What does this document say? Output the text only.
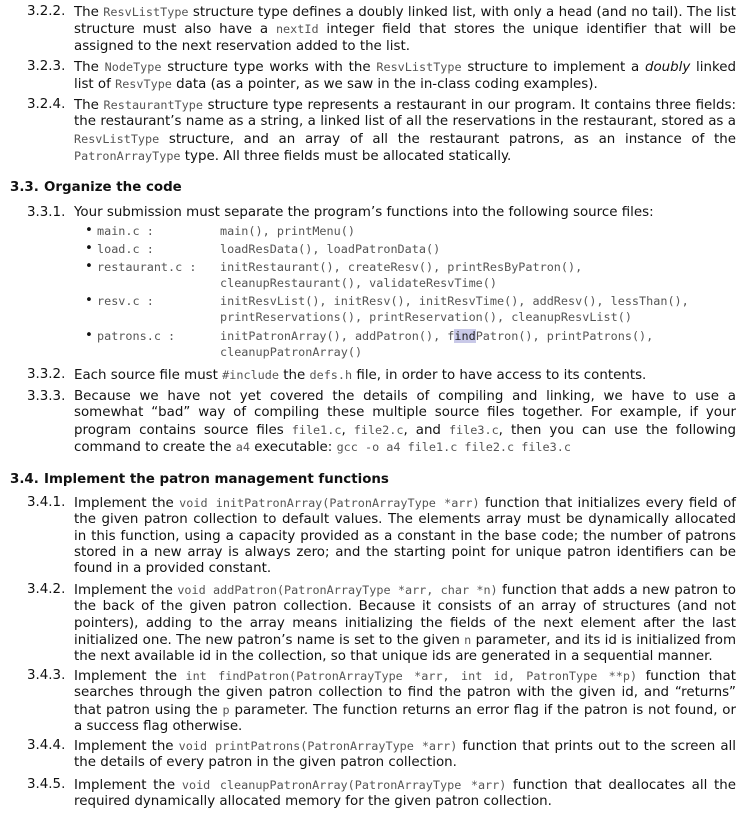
3.2.2. The ResvListType structure type defines a doubly linked list, with only a head (and no tail). The list structure must also have a nextId integer field that stores the unique identifier that will be assigned to the next reservation added to the list.
3.2.3. The NodeType structure type works with the ResvListType structure to implement a doubly linked list of ResvType data (as a pointer, as we saw in the in-class coding examples).
3.2.4. The RestaurantType structure type represents a restaurant in our program. It contains three fields: the restaurant’s name as a string, a linked list of all the reservations in the restaurant, stored as a ResvListType structure, and an array of all the restaurant patrons, as an instance of the PatronArrayType type. All three fields must be allocated statically.
3.3. Organize the code
3.3.1. Your submission must separate the program’s functions into the following source files:
• main.c :	main(), printMenu()
• load.c :	loadResData(), loadPatronData()
• restaurant.c : initRestaurant(), createResv(), printResByPatron(), cleanupRestaurant(), validateResvTime()
• resv.c :	initResvList(), initResv(), initResvTime(), addResv(), lessThan(), printReservations(), printReservation(), cleanupResvList()
• patrons.c :	initPatronArray(), addPatron(), findPatron(), printPatrons(), cleanupPatronArray()
3.3.2. Each source file must #include the defs.h file, in order to have access to its contents.
3.3.3. Because we have not yet covered the details of compiling and linking, we have to use a somewhat “bad” way of compiling these multiple source files together. For example, if your program contains source files file1.c, file2.c, and file3.c, then you can use the following command to create the a4 executable: gcc -o a4 file1.c file2.c file3.c
3.4. Implement the patron management functions
3.4.1. Implement the void initPatronArray(PatronArrayType *arr) function that initializes every field of the given patron collection to default values. The elements array must be dynamically allocated in this function, using a capacity provided as a constant in the base code; the number of patrons stored in a new array is always zero; and the starting point for unique patron identifiers can be found in a provided constant.
3.4.2. Implement the void addPatron(PatronArrayType *arr, char *n) function that adds a new patron to the back of the given patron collection. Because it consists of an array of structures (and not pointers), adding to the array means initializing the fields of the next element after the last initialized one. The new patron’s name is set to the given n parameter, and its id is initialized from the next available id in the collection, so that unique ids are generated in a sequential manner.
3.4.3. Implement the int findPatron(PatronArrayType *arr, int id, PatronType **p) function that searches through the given patron collection to find the patron with the given id, and “returns” that patron using the p parameter. The function returns an error flag if the patron is not found, or a success flag otherwise.
3.4.4. Implement the void printPatrons(PatronArrayType *arr) function that prints out to the screen all the details of every patron in the given patron collection.
3.4.5. Implement the void cleanupPatronArray(PatronArrayType *arr) function that deallocates all the required dynamically allocated memory for the given patron collection.
